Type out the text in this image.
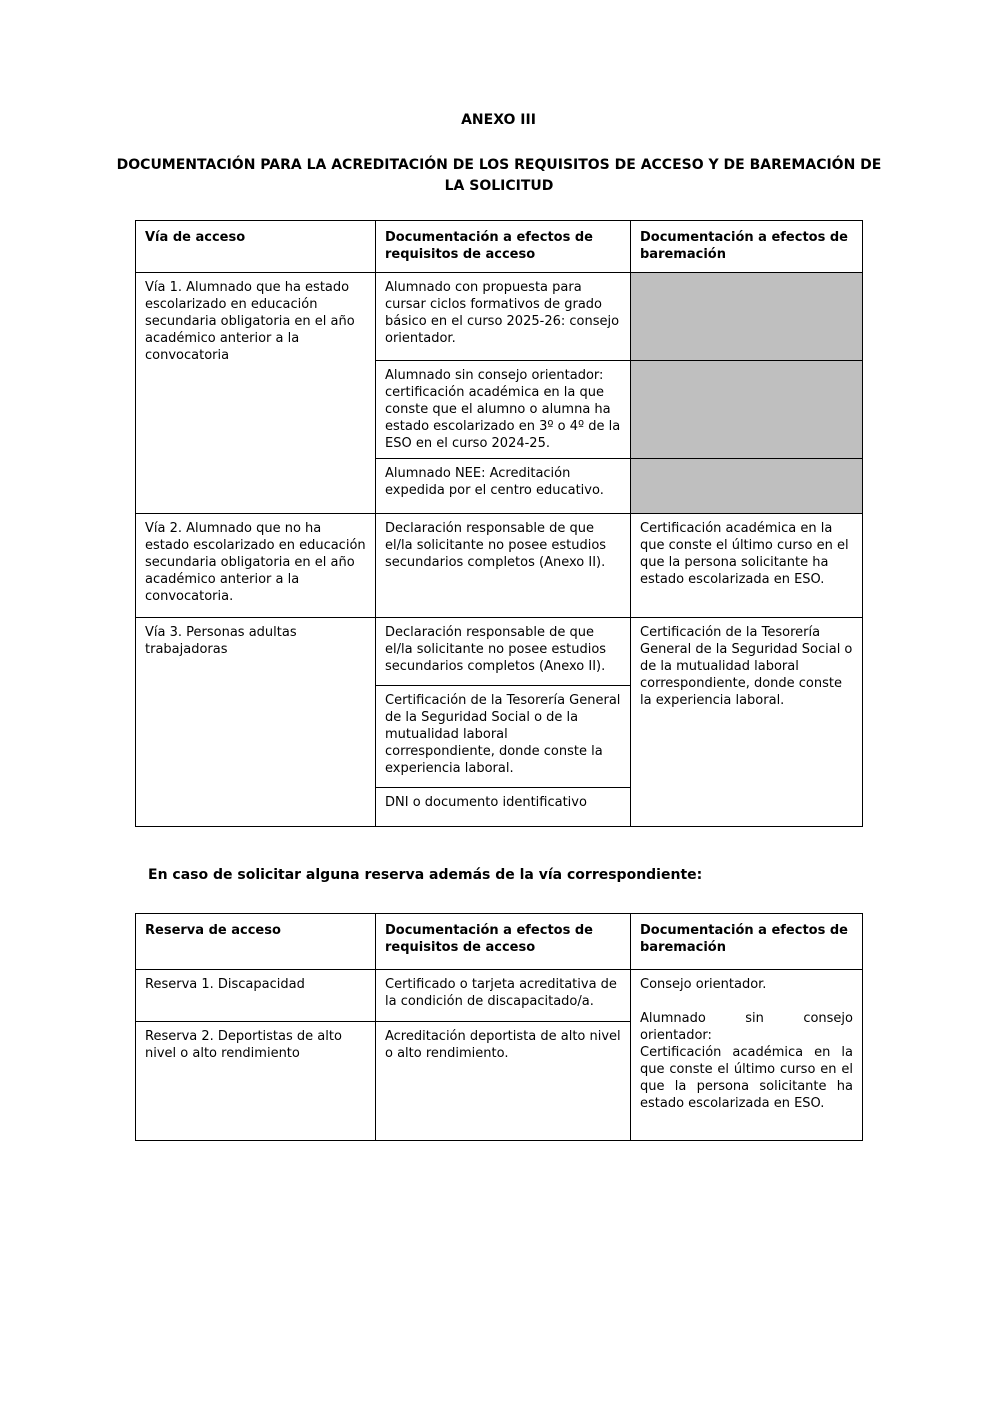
ANEXO III
DOCUMENTACIÓN PARA LA ACREDITACIÓN DE LOS REQUISITOS DE ACCESO Y DE BAREMACIÓN DE LA SOLICITUD
Vía de acceso	Documentación a efectos de requisitos de acceso	Documentación a efectos de baremación
Vía 1. Alumnado que ha estado escolarizado en educación secundaria obligatoria en el año académico anterior a la convocatoria	Alumnado con propuesta para cursar ciclos formativos de grado básico en el curso 2025-26: consejo orientador.	
	Alumnado sin consejo orientador: certificación académica en la que conste que el alumno o alumna ha estado escolarizado en 3º o 4º de la ESO en el curso 2024-25.	
	Alumnado NEE: Acreditación expedida por el centro educativo.	
Vía 2. Alumnado que no ha estado escolarizado en educación secundaria obligatoria en el año académico anterior a la convocatoria.	Declaración responsable de que el/la solicitante no posee estudios secundarios completos (Anexo II).	Certificación académica en la que conste el último curso en el que la persona solicitante ha estado escolarizada en ESO.
Vía 3. Personas adultas trabajadoras	Declaración responsable de que el/la solicitante no posee estudios secundarios completos (Anexo II).	Certificación de la Tesorería General de la Seguridad Social o de la mutualidad laboral correspondiente, donde conste la experiencia laboral.
	Certificación de la Tesorería General de la Seguridad Social o de la mutualidad laboral correspondiente, donde conste la experiencia laboral.	
	DNI o documento identificativo	
En caso de solicitar alguna reserva además de la vía correspondiente:
Reserva de acceso	Documentación a efectos de requisitos de acceso	Documentación a efectos de baremación
Reserva 1. Discapacidad	Certificado o tarjeta acreditativa de la condición de discapacitado/a.	Consejo orientador.
Alumnado sin consejo orientador:
Certificación académica en la que conste el último curso en el que la persona solicitante ha estado escolarizada en ESO.

Reserva 2. Deportistas de alto nivel o alto rendimiento	Acreditación deportista de alto nivel o alto rendimiento.	
